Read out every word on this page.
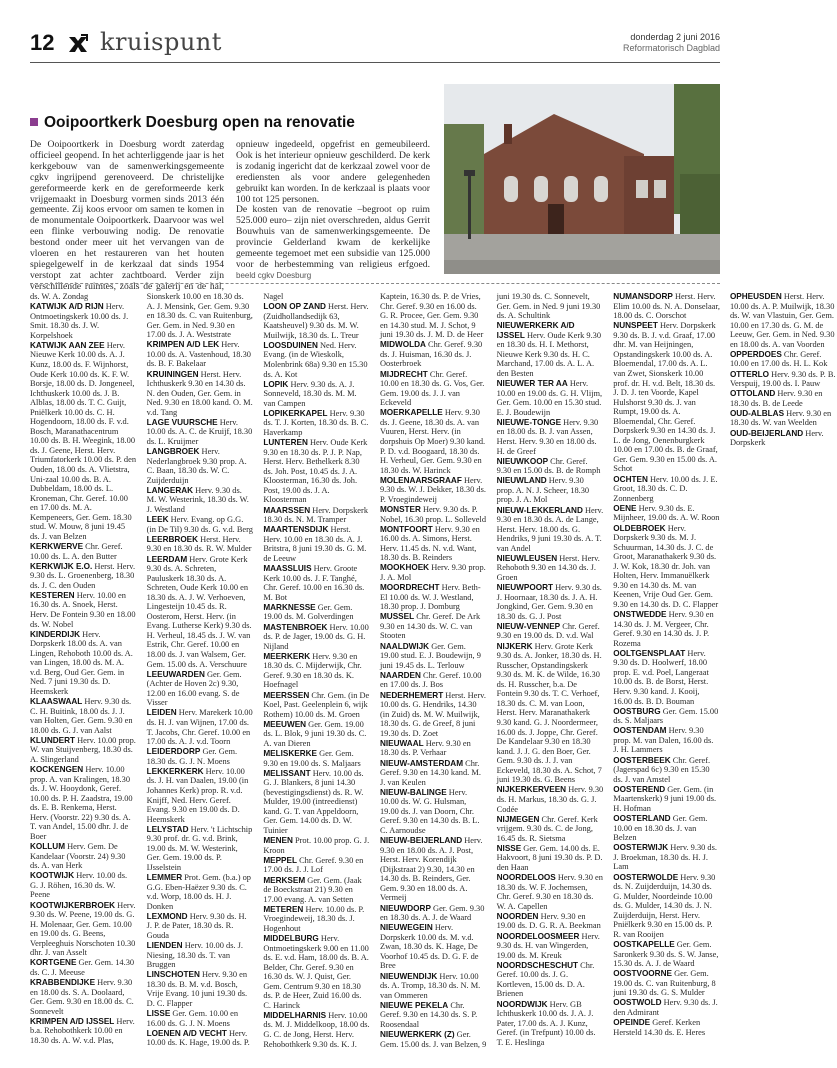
12 kruispunt	donderdag 2 juni 2016
Reformatorisch Dagblad
Ooipoortkerk Doesburg open na renovatie

De Ooipoortkerk in Doesburg wordt zaterdag officieel geopend. In het achterliggende jaar is het kerkgebouw van de samenwerkingsgemeente cgkv ingrijpend gerenoveerd. De christelijke gereformeerde kerk en de gereformeerde kerk vrijgemaakt in Doesburg vormen sinds 2013 één gemeente. Zij koos ervoor om samen te komen in de monumentale Ooipoortkerk. Daarvoor was wel een flinke verbouwing nodig. De renovatie bestond onder meer uit het vervangen van de vloeren en het restaureren van het houten spiegelgewelf in de kerkzaal dat sinds 1954 verstopt zat achter zachtboard. Verder zijn verschillende ruimtes, zoals de galerij en de hal, opnieuw ingedeeld, opgefrist en gemeubileerd. Ook is het interieur opnieuw geschilderd. De kerk is zodanig ingericht dat de kerkzaal zowel voor de erediensten als voor andere gelegenheden gebruikt kan worden. In de kerkzaal is plaats voor 100 tot 125 personen.

De kosten van de renovatie –begroot op ruim 525.000 euro– zijn niet overschreden, aldus Gerrit Bouwhuis van de samenwerkingsgemeente. De provincie Gelderland kwam de kerkelijke gemeente tegemoet met een subsidie van 125.000 voor de herbestemming van religieus erfgoed. beeld cgkv Doesburg

ds. W. A. Zondag

KATWIJK A/D RIJN Herv. Ontmoetingskerk 10.00 ds. J. Smit. 18.30 ds. J. W. Korpelshoek

KATWIJK AAN ZEE Herv. Nieuwe Kerk 10.00 ds. A. J. Kunz, 18.00 ds. F. Wijnhorst, Oude Kerk 10.00 ds. K. F. W. Borsje, 18.00 ds. D. Jongeneel, Ichthuskerk 10.00 ds. J. B. Alblas, 18.00 ds. T. C. Guijt, Pniëlkerk 10.00 ds. C. H. Hogendoorn, 18.00 ds. F. v.d. Bosch, Maranathacentrum 10.00 ds. B. H. Weegink, 18.00 ds. J. Geene, Herst. Herv. Triumfatorkerk 10.00 ds. P. den Ouden, 18.00 ds. A. Vlietstra, Uni-zaal 10.00 ds. B. A. Dubbeldam, 18.00 ds. L. Kroneman, Chr. Geref. 10.00 en 17.00 ds. M. A. Kempeneers, Ger. Gem. 18.30 stud. W. Mouw, 8 juni 19.45 ds. J. van Belzen

KERKWERVE Chr. Geref. 10.00 ds. L. A. den Butter

KERKWIJK E.O. Herst. Herv. 9.30 ds. L. Groenenberg, 18.30 ds. J. C. den Ouden

KESTEREN Herv. 10.00 en 16.30 ds. A. Snoek, Herst. Herv. De Fontein 9.30 en 18.00 ds. W. Nobel

KINDERDIJK Herv. Dorpskerk 18.00 ds. A. van Lingen, Rehoboth 10.00 ds. A. van Lingen, 18.00 ds. M. A. v.d. Berg, Oud Ger. Gem. in Ned. 7 juni 19.30 ds. D. Heemskerk

KLAASWAAL Herv. 9.30 ds. C. H. Buitink, 18.00 ds. J. J. van Holten, Ger. Gem. 9.30 en 18.00 ds. G. J. van Aalst

KLUNDERT Herv. 10.00 prop. W. van Stuijvenberg, 18.30 ds. A. Slingerland

KOCKENGEN Herv. 10.00 prop. A. van Kralingen, 18.30 ds. J. W. Hooydonk, Geref. 10.00 ds. P. H. Zaadstra, 19.00 ds. E. B. Renkema, Herst. Herv. (Voorstr. 22) 9.30 ds. A. T. van Andel, 15.00 dhr. J. de Boer

KOLLUM Herv. Gem. De Kandelaar (Voorstr. 24) 9.30 ds. A. van Herk

KOOTWIJK Herv. 10.00 ds. G. J. Röhen, 16.30 ds. W. Peene

KOOTWIJKERBROEK Herv. 9.30 ds. W. Peene, 19.00 ds. G. H. Molenaar, Ger. Gem. 10.00 en 19.00 ds. G. Beens, Verpleeghuis Norschoten 10.30 dhr. J. van Asselt

KORTGENE Ger. Gem. 14.30 ds. C. J. Meeuse

KRABBENDIJKE Herv. 9.30 en 18.00 ds. S. A. Doolaard, Ger. Gem. 9.30 en 18.00 ds. C. Sonnevelt

KRIMPEN A/D IJSSEL Herv. b.a. Rehobothkerk 10.00 en 18.30 ds. A. W. v.d. Plas, Sionskerk 10.00 en 18.30 ds. A. J. Mensink, Ger. Gem. 9.30 en 18.30 ds. C. van Ruitenburg, Ger. Gem. in Ned. 9.30 en 17.00 ds. J. A. Weststrate

KRIMPEN A/D LEK Herv. 10.00 ds. A. Vastenhoud, 18.30 ds. B. F. Bakelaar

KRUININGEN Herst. Herv. Ichthuskerk 9.30 en 14.30 ds. N. den Ouden, Ger. Gem. in Ned. 9.30 en 18.00 kand. O. M. v.d. Tang

LAGE VUURSCHE Herv. 10.00 ds. A. C. de Kruijf, 18.30 ds. L. Kruijmer

LANGBROEK Herv. Nederlangbroek 9.30 prop. A. C. Baan, 18.30 ds. W. C. Zuijderduijn

LANGERAK Herv. 9.30 ds. M. W. Westerink, 18.30 ds. W. J. Westland

LEEK Herv. Evang. op G.G. (in De Til) 9.30 ds. G. v.d. Berg

LEERBROEK Herst. Herv. 9.30 en 18.30 ds. R. W. Mulder

LEERDAM Herv. Grote Kerk 9.30 ds. A. Schreten, Pauluskerk 18.30 ds. A. Schreten, Oude Kerk 10.00 en 18.30 ds. A. J. W. Verhoeven, Lingesteijn 10.45 ds. R. Oosterom, Herst. Herv. (in Evang. Lutherse Kerk) 9.30 ds. H. Verheul, 18.45 ds. J. W. van Estrik, Chr. Geref. 10.00 en 18.00 ds. J. van Walsem, Ger. Gem. 15.00 ds. A. Verschuure

LEEUWARDEN Ger. Gem. (Achter de Hoven 2c) 9.30, 12.00 en 16.00 evang. S. de Visser

LEIDEN Herv. Marekerk 10.00 ds. H. J. van Wijnen, 17.00 ds. T. Jacobs, Chr. Geref. 10.00 en 17.00 ds. A. J. v.d. Toorn

LEIDERDORP Ger. Gem. 18.30 ds. G. J. N. Moens

LEKKERKERK Herv. 10.00 ds. J. H. van Daalen, 19.00 (in Johannes Kerk) prop. R. v.d. Knijff, Ned. Herv. Geref. Evang. 9.30 en 19.00 ds. D. Heemskerk

LELYSTAD Herv. 't Lichtschip 9.30 prof. dr. G. v.d. Brink, 19.00 ds. M. W. Westerink, Ger. Gem. 19.00 ds. P. IJsselstein

LEMMER Prot. Gem. (b.a.) op G.G. Eben-Haëzer 9.30 ds. C. v.d. Worp, 18.00 ds. H. J. Donken

LEXMOND Herv. 9.30 ds. H. J. P. de Pater, 18.30 ds. R. Gouda

LIENDEN Herv. 10.00 ds. J. Niesing, 18.30 ds. T. van Bruggen

LINSCHOTEN Herv. 9.30 en 18.30 ds. B. M. v.d. Bosch, Vrije Evang. 10 juni 19.30 ds. D. C. Flapper

LISSE Ger. Gem. 10.00 en 16.00 ds. G. J. N. Moens

LOENEN A/D VECHT Herv. 10.00 ds. K. Hage, 19.00 ds. P. Nagel

LOON OP ZAND Herst. Herv. (Zuidhollandsedijk 63, Kaatsheuvel) 9.30 ds. M. W. Muilwijk, 18.30 ds. L. Treur

LOOSDUINEN Ned. Herv. Evang. (in de Wieskolk, Molenbrink 68a) 9.30 en 15.30 ds. A. Kot

LOPIK Herv. 9.30 ds. A. J. Sonneveld, 18.30 ds. M. M. van Campen

LOPIKERKAPEL Herv. 9.30 ds. T. J. Korten, 18.30 ds. B. C. Haverkamp

LUNTEREN Herv. Oude Kerk 9.30 en 18.30 ds. P. J. P. Nap, Herst. Herv. Bethelkerk 8.30 ds. Joh. Post, 10.45 ds. J. A. Kloosterman, 16.30 ds. Joh. Post, 19.00 ds. J. A. Kloosterman

MAARSSEN Herv. Dorpskerk 18.30 ds. N. M. Tramper

MAARTENSDIJK Herst. Herv. 10.00 en 18.30 ds. A. J. Britstra, 8 juni 19.30 ds. G. M. de Leeuw

MAASSLUIS Herv. Groote Kerk 10.00 ds. J. F. Tanghé, Chr. Geref. 10.00 en 16.30 ds. M. Bot

MARKNESSE Ger. Gem. 19.00 ds. M. Golverdingen

MASTENBROEK Herv. 10.00 ds. P. de Jager, 19.00 ds. G. H. Nijland

MEERKERK Herv. 9.30 en 18.30 ds. C. Mijderwijk, Chr. Geref. 9.30 en 18.30 ds. K. Hoefnagel

MEERSSEN Chr. Gem. (in De Koel, Past. Geelenplein 6, wijk Rothem) 10.00 ds. M. Groen

MEEUWEN Ger. Gem. 19.00 ds. L. Blok, 9 juni 19.30 ds. C. A. van Dieren

MELISKERKE Ger. Gem. 9.30 en 19.00 ds. S. Maljaars

MELISSANT Herv. 10.00 ds. G. J. Blankers, 8 juni 14.30 (bevestigingsdienst) ds. R. W. Mulder, 19.00 (intreedienst) kand. G. T. van Appeldoorn, Ger. Gem. 14.00 ds. D. W. Tuinier

MENEN Prot. 10.00 prop. G. J. Kroon

MEPPEL Chr. Geref. 9.30 en 17.00 ds. J. J. Lof

MERKSEM Ger. Gem. (Jaak de Boeckstraat 21) 9.30 en 17.00 evang. A. van Setten

METEREN Herv. 10.00 ds. P. Vroegindeweij, 18.30 ds. J. Hogenhout

MIDDELBURG Herv. Ontmoetingskerk 9.00 en 11.00 ds. E. v.d. Ham, 18.00 ds. B. A. Belder, Chr. Geref. 9.30 en 16.30 ds. W. J. Quist, Ger. Gem. Centrum 9.30 en 18.30 ds. P. de Heer, Zuid 16.00 ds. C. Harinck

MIDDELHARNIS Herv. 10.00 ds. M. J. Middelkoop, 18.00 ds. G. C. de Jong, Herst. Herv. Rehobothkerk 9.30 ds. K. J. Kaptein, 16.30 ds. P. de Vries, Chr. Geref. 9.30 en 16.00 ds. G. R. Procee, Ger. Gem. 9.30 en 14.30 stud. M. J. Schot, 9 juni 19.30 ds. J. M. D. de Heer

MIDWOLDA Chr. Geref. 9.30 ds. J. Huisman, 16.30 ds. J. Oosterbroek

MIJDRECHT Chr. Geref. 10.00 en 18.30 ds. G. Vos, Ger. Gem. 19.00 ds. J. J. van Eckeveld

MOERKAPELLE Herv. 9.30 ds. J. Geene, 18.30 ds. A. van Vuuren, Herst. Herv. (in dorpshuis Op Moer) 9.30 kand. P. D. v.d. Boogaard, 18.30 ds. H. Verheul, Ger. Gem. 9.30 en 18.30 ds. W. Harinck

MOLENAARSGRAAF Herv. 9.30 ds. W. J. Dekker, 18.30 ds. P. Vroegindeweij

MONSTER Herv. 9.30 ds. P. Nobel, 16.30 prop. L. Solleveld

MONTFOORT Herv. 9.30 en 16.00 ds. A. Simons, Herst. Herv. 11.45 ds. N. v.d. Want, 18.30 ds. B. Reinders

MOOKHOEK Herv. 9.30 prop. J. A. Mol

MOORDRECHT Herv. Beth-El 10.00 ds. W. J. Westland, 18.30 prop. J. Domburg

MUSSEL Chr. Geref. De Ark 9.30 en 14.30 ds. W. C. van Stooten

NAALDWIJK Ger. Gem. 19.00 stud. E. J. Boudewijn, 9 juni 19.45 ds. L. Terlouw

NAARDEN Chr. Geref. 10.00 en 17.00 ds. J. Bos

NEDERHEMERT Herst. Herv. 10.00 ds. G. Hendriks, 14.30 (in Zuid) ds. M. W. Muilwijk, 18.30 ds. G. de Greef, 8 juni 19.30 ds. D. Zoet

NIEUWAAL Herv. 9.30 en 18.30 ds. P. Verhaar

NIEUW-AMSTERDAM Chr. Geref. 9.30 en 14.30 kand. M. J. van Keulen

NIEUW-BALINGE Herv. 10.00 ds. W. G. Hulsman, 19.00 ds. J. van Doorn, Chr. Geref. 9.30 en 14.30 ds. B. L. C. Aarnoudse

NIEUW-BEIJERLAND Herv. 9.30 en 18.00 ds. A. J. Post, Herst. Herv. Korendijk (Dijkstraat 2) 9.30, 14.30 en 14.30 ds. B. Reinders, Ger. Gem. 9.30 en 18.00 ds. A. Vermeij

NIEUWDORP Ger. Gem. 9.30 en 18.30 ds. A. J. de Waard

NIEUWEGEIN Herv. Dorpskerk 10.00 ds. M. v.d. Zwan, 18.30 ds. K. Hage, De Voorhof 10.45 ds. D. G. F. de Bree

NIEUWENDIJK Herv. 10.00 ds. A. Tromp, 18.30 ds. N. M. van Ommeren

NIEUWE PEKELA Chr. Geref. 9.30 en 14.30 ds. S. P. Roosendaal

NIEUWERKERK (Z) Ger. Gem. 15.00 ds. J. van Belzen, 9 juni 19.30 ds. C. Sonnevelt, Ger. Gem. in Ned. 9 juni 19.30 ds. A. Schultink

NIEUWERKERK A/D IJSSEL Herv. Oude Kerk 9.30 en 18.30 ds. H. I. Methorst, Nieuwe Kerk 9.30 ds. H. C. Marchand, 17.00 ds. A. L. A. den Besten

NIEUWER TER AA Herv. 10.00 en 19.00 ds. G. H. Vlijm, Ger. Gem. 10.00 en 15.30 stud. E. J. Boudewijn

NIEUWE-TONGE Herv. 9.30 en 18.00 ds. B. J. van Assen, Herst. Herv. 9.30 en 18.00 ds. H. de Greef

NIEUWKOOP Chr. Geref. 9.30 en 15.00 ds. B. de Romph

NIEUWLAND Herv. 9.30 prop. A. N. J. Scheer, 18.30 prop. J. A. Mol

NIEUW-LEKKERLAND Herv. 9.30 en 18.30 ds. A. de Lange, Herst. Herv. 18.00 ds. G. Hendriks, 9 juni 19.30 ds. A. T. van Andel

NIEUWLEUSEN Herst. Herv. Rehoboth 9.30 en 14.30 ds. J. Groen

NIEUWPOORT Herv. 9.30 ds. J. Hoornaar, 18.30 ds. J. A. H. Jongkind, Ger. Gem. 9.30 en 18.30 ds. G. J. Post

NIEUW-VENNEP Chr. Geref. 9.30 en 19.00 ds. D. v.d. Wal

NIJKERK Herv. Grote Kerk 9.30 ds. A. Jonker, 18.30 ds. H. Russcher, Opstandingskerk 9.30 ds. M. K. de Wilde, 16.30 ds. H. Russcher, b.a. De Fontein 9.30 ds. T. C. Verhoef, 18.30 ds. C. M. van Loon, Herst. Herv. Maranathakerk 9.30 kand. G. J. Noordermeer, 16.00 ds. J. Joppe, Chr. Geref. De Kandelaar 9.30 en 18.30 kand. J. J. G. den Boer, Ger. Gem. 9.30 ds. J. J. van Eckeveld, 18.30 ds. A. Schot, 7 juni 19.30 ds. G. Beens

NIJKERKERVEEN Herv. 9.30 ds. H. Markus, 18.30 ds. G. J. Codée

NIJMEGEN Chr. Geref. Kerk vrijgem. 9.30 ds. C. de Jong, 16.45 ds. R. Sietsma

NISSE Ger. Gem. 14.00 ds. E. Hakvoort, 8 juni 19.30 ds. P. D. den Haan

NOORDELOOS Herv. 9.30 en 18.30 ds. W. F. Jochemsen, Chr. Geref. 9.30 en 18.30 ds. W. A. Capellen

NOORDEN Herv. 9.30 en 19.00 ds. D. G. R. A. Beekman

NOORDELOOSMEER Herv. 9.30 ds. H. van Wingerden, 19.00 ds. M. Kreuk

NOORDSCHESCHUT Chr. Geref. 10.00 ds. J. G. Kortleven, 15.00 ds. D. A. Brienen

NOORDWIJK Herv. GB Ichthuskerk 10.00 ds. J. A. J. Pater, 17.00 ds. A. J. Kunz, Geref. (in Trefpunt) 10.00 ds. T. E. Heslinga

NUMANSDORP Herst. Herv. Elim 10.00 ds. N. A. Donselaar, 18.00 ds. C. Oorschot

NUNSPEET Herv. Dorpskerk 9.30 ds. B. J. v.d. Graaf, 17.00 dhr. M. van Heijningen, Opstandingskerk 10.00 ds. A. Bloemendal, 17.00 ds. A. L. van Zwet, Sionskerk 10.00 prof. dr. H. v.d. Belt, 18.30 ds. J. D. J. ten Voorde, Kapel Hulshorst 9.30 ds. J. van Rumpt, 19.00 ds. A. Bloemendal, Chr. Geref. Dorpskerk 9.30 en 14.30 ds. J. L. de Jong, Oenenburgkerk 10.00 en 17.00 ds. B. de Graaf, Ger. Gem. 9.30 en 15.00 ds. A. Schot

OCHTEN Herv. 10.00 ds. J. E. Groot, 18.30 ds. C. D. Zonnenberg

OENE Herv. 9.30 ds. E. Mijnheer, 19.00 ds. A. W. Roon

OLDEBROEK Herv. Dorpskerk 9.30 ds. M. J. Schuurman, 14.30 ds. J. C. de Groot, Maranathakerk 9.30 ds. J. W. Kok, 18.30 dr. Joh. van Holten, Herv. Immanuëlkerk 9.30 en 14.30 ds. M. van Keenen, Vrije Oud Ger. Gem. 9.30 en 14.30 ds. D. C. Flapper

ONSTWEDDE Herv. 9.30 en 14.30 ds. J. M. Vergeer, Chr. Geref. 9.30 en 14.30 ds. J. P. Rozema

OOLTGENSPLAAT Herv. 9.30 ds. D. Hoolwerf, 18.00 prop. E. v.d. Poel, Langeraat 10.00 ds. B. de Borst, Herst. Herv. 9.30 kand. J. Kooij, 16.00 ds. B. D. Bouman

OOSTBURG Ger. Gem. 15.00 ds. S. Maljaars

OOSTENDAM Herv. 9.30 prop. M. van Dalen, 16.00 ds. J. H. Lammers

OOSTERBEEK Chr. Geref. (Jagerspad 6c) 9.30 en 15.30 ds. J. van Amstel

OOSTEREND Ger. Gem. (in Maartenskerk) 9 juni 19.00 ds. H. Hofman

OOSTERLAND Ger. Gem. 10.00 en 18.30 ds. J. van Belzen

OOSTERWIJK Herv. 9.30 ds. J. Broekman, 18.30 ds. H. J. Lam

OOSTERWOLDE Herv. 9.30 ds. N. Zuijderduijn, 14.30 ds. G. Mulder, Noordeinde 10.00 ds. G. Mulder, 14.30 ds. J. N. Zuijderduijn, Herst. Herv. Pniëlkerk 9.30 en 15.00 ds. P. R. van Rooijen

OOSTKAPELLE Ger. Gem. Saronkerk 9.30 ds. S. W. Janse, 15.30 ds. A. J. de Waard

OOSTVOORNE Ger. Gem. 19.00 ds. C. van Ruitenburg, 8 juni 19.30 ds. G. S. Mulder

OOSTWOLD Herv. 9.30 ds. J. den Admirant

OPEINDE Geref. Kerken Hersteld 14.30 ds. E. Heres

OPHEUSDEN Herst. Herv. 10.00 ds. A. P. Muilwijk, 18.30 ds. W. van Vlastuin, Ger. Gem. 10.00 en 17.30 ds. G. M. de Leeuw, Ger. Gem. in Ned. 9.30 en 18.00 ds. A. van Voorden

OPPERDOES Chr. Geref. 10.00 en 17.00 ds. H. L. Kok

OTTERLO Herv. 9.30 ds. P. B. Verspuij, 19.00 ds. I. Pauw

OTTOLAND Herv. 9.30 en 18.30 ds. B. de Leede

OUD-ALBLAS Herv. 9.30 en 18.30 ds. W. van Weelden

OUD-BEIJERLAND Herv. Dorpskerk
